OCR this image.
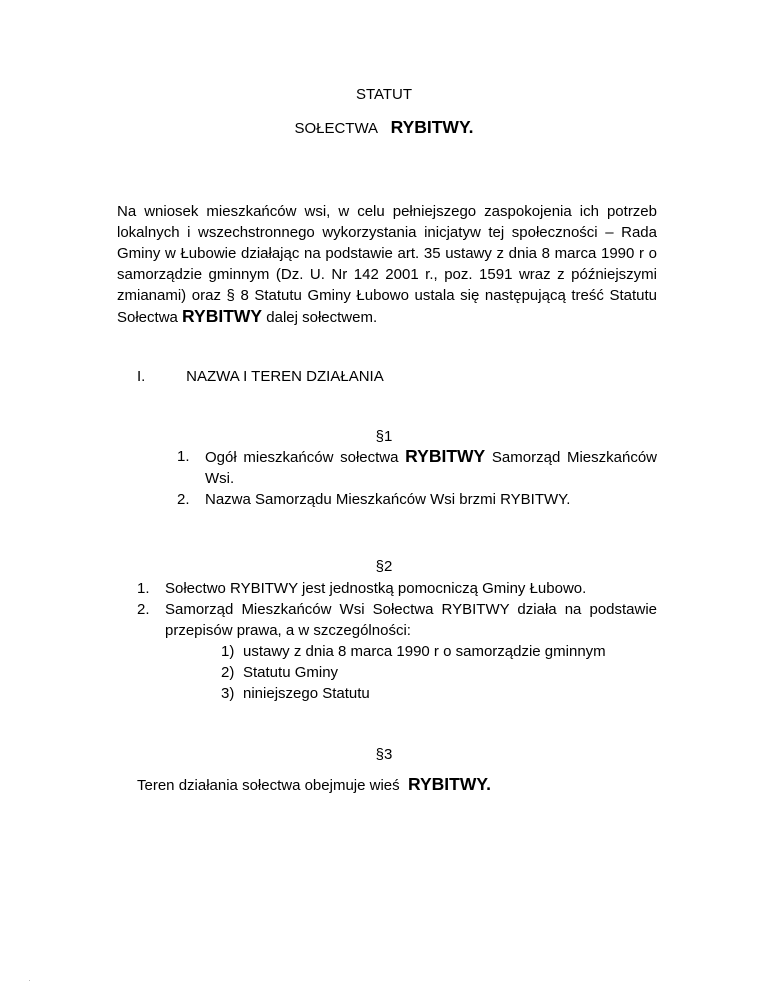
STATUT
SOŁECTWA RYBITWY.
Na wniosek mieszkańców wsi, w celu pełniejszego zaspokojenia ich potrzeb lokalnych i wszechstronnego wykorzystania inicjatyw tej społeczności – Rada Gminy w Łubowie działając na podstawie art. 35 ustawy z dnia 8 marca 1990 r o samorządzie gminnym (Dz. U. Nr 142 2001 r., poz. 1591 wraz z późniejszymi zmianami) oraz § 8 Statutu Gminy Łubowo ustala się następującą treść Statutu Sołectwa RYBITWY dalej sołectwem.
I.	NAZWA I TEREN DZIAŁANIA
§1
1. Ogół mieszkańców sołectwa RYBITWY Samorząd Mieszkańców
Wsi.
2. Nazwa Samorządu Mieszkańców Wsi brzmi RYBITWY.
§2
1. Sołectwo RYBITWY jest jednostką pomocniczą Gminy Łubowo.
2. Samorząd Mieszkańców Wsi Sołectwa RYBITWY działa na podstawie
przepisów prawa, a w szczególności:
1) ustawy z dnia 8 marca 1990 r o samorządzie gminnym
2) Statutu Gminy
3) niniejszego Statutu
§3
Teren działania sołectwa obejmuje wieś RYBITWY.
